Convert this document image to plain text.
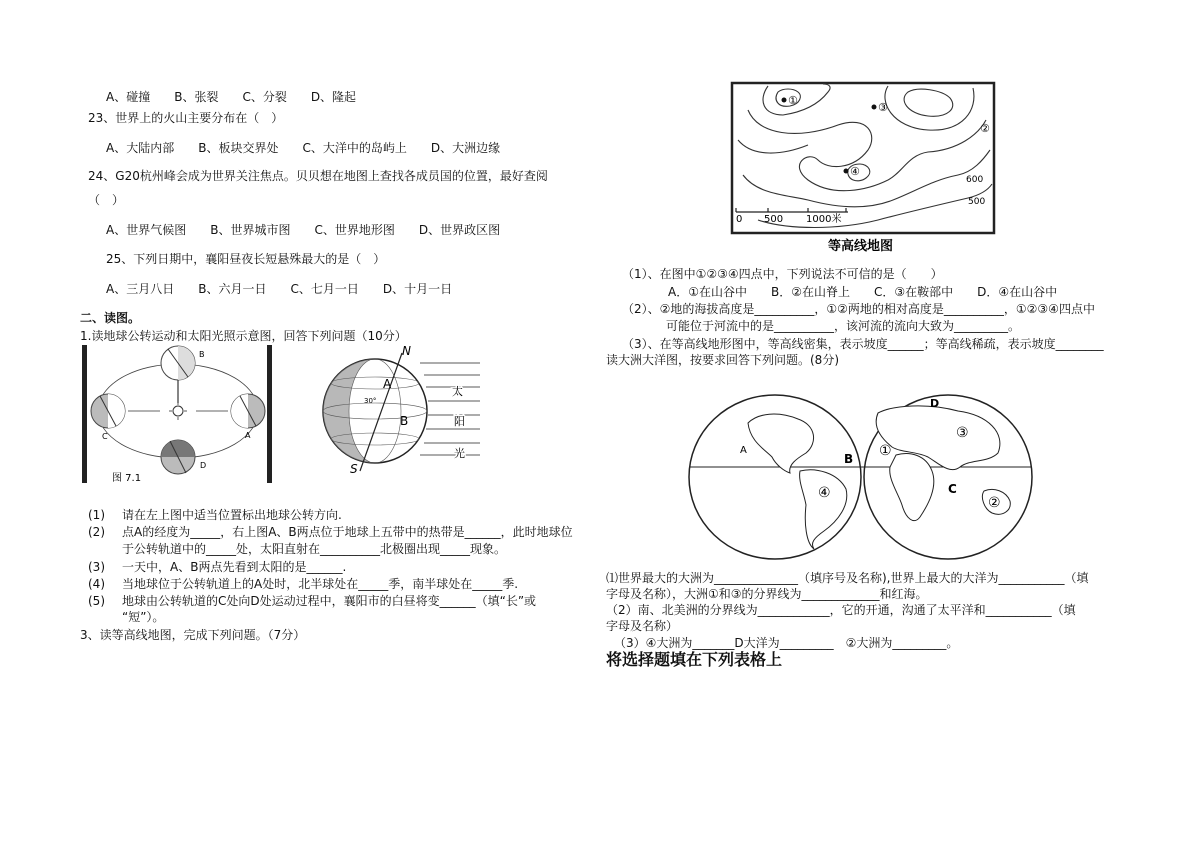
A、碰撞　　B、张裂　　C、分裂　　D、隆起
23、世界上的火山主要分布在（　）
A、大陆内部　　B、板块交界处　　C、大洋中的岛屿上　　D、大洲边缘
24、G20杭州峰会成为世界关注焦点。贝贝想在地图上查找各成员国的位置，最好查阅
（　）
A、世界气候图　　B、世界城市图　　C、世界地形图　　D、世界政区图
25、下列日期中，襄阳昼夜长短悬殊最大的是（　）
A、三月八日　　B、六月一日　　C、七月一日　　D、十月一日
二、读图。
1.读地球公转运动和太阳光照示意图，回答下列问题（10分）
B
C	A
D
图 7.1
N
S
A
B
30°
太
阳
光
(1) 请在左上图中适当位置标出地球公转方向.
(2) 点A的经度为_____，右上图A、B两点位于地球上五带中的热带是______，此时地球位
于公转轨道中的_____处，太阳直射在__________北极圈出现_____现象。
(3) 一天中，A、B两点先看到太阳的是______.
(4) 当地球位于公转轨道上的A处时，北半球处在_____季，南半球处在_____季.
(5) 地球由公转轨道的C处向D处运动过程中，襄阳市的白昼将变______（填“长”或
“短”）。
3、读等高线地图，完成下列问题。（7分）
0 500 1000米
①
③
②
④
600
500
等高线地图
（1）、在图中①②③④四点中，下列说法不可信的是（　　）
A．①在山谷中　　B．②在山脊上　　C．③在鞍部中　　D．④在山谷中
（2）、②地的海拔高度是__________，①②两地的相对高度是__________，①②③④四点中
可能位于河流中的是__________，该河流的流向大致为_________。
（3）、在等高线地形图中，等高线密集，表示坡度______；等高线稀疏，表示坡度________
读大洲大洋图，按要求回答下列问题。(8分)
A
B
C
D
①
②
③
④
⑴世界最大的大洲为______________（填序号及名称),世界上最大的大洋为___________（填
字母及名称），大洲①和③的分界线为_____________和红海。
（2）南、北美洲的分界线为____________，它的开通，沟通了太平洋和___________（填
字母及名称）
（3）④大洲为_______D大洋为_________　②大洲为_________。
将选择题填在下列表格上
